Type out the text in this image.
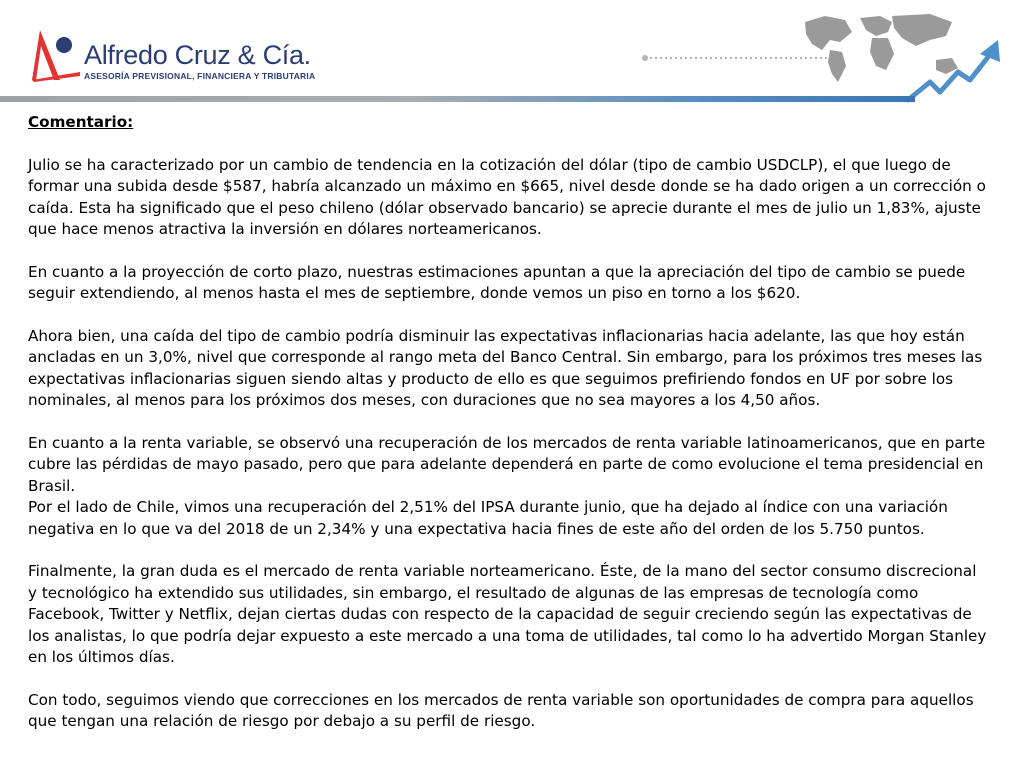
Alfredo Cruz & Cía.
ASESORÍA PREVISIONAL, FINANCIERA Y TRIBUTARIA

Comentario:

Julio se ha caracterizado por un cambio de tendencia en la cotización del dólar (tipo de cambio USDCLP), el que luego de formar una subida desde $587, habría alcanzado un máximo en $665, nivel desde donde se ha dado origen a un corrección o caída. Esta ha significado que el peso chileno (dólar observado bancario) se aprecie durante el mes de julio un 1,83%, ajuste que hace menos atractiva la inversión en dólares norteamericanos.

En cuanto a la proyección de corto plazo, nuestras estimaciones apuntan a que la apreciación del tipo de cambio se puede seguir extendiendo, al menos hasta el mes de septiembre, donde vemos un piso en torno a los $620.

Ahora bien, una caída del tipo de cambio podría disminuir las expectativas inflacionarias hacia adelante, las que hoy están ancladas en un 3,0%, nivel que corresponde al rango meta del Banco Central. Sin embargo, para los próximos tres meses las expectativas inflacionarias siguen siendo altas y producto de ello es que seguimos prefiriendo fondos en UF por sobre los nominales, al menos para los próximos dos meses, con duraciones que no sea mayores a los 4,50 años.

En cuanto a la renta variable, se observó una recuperación de los mercados de renta variable latinoamericanos, que en parte cubre las pérdidas de mayo pasado, pero que para adelante dependerá en parte de como evolucione el tema presidencial en Brasil.

Por el lado de Chile, vimos una recuperación del 2,51% del IPSA durante junio, que ha dejado al índice con una variación negativa en lo que va del 2018 de un 2,34% y una expectativa hacia fines de este año del orden de los 5.750 puntos.

Finalmente, la gran duda es el mercado de renta variable norteamericano. Éste, de la mano del sector consumo discrecional y tecnológico ha extendido sus utilidades, sin embargo, el resultado de algunas de las empresas de tecnología como Facebook, Twitter y Netflix, dejan ciertas dudas con respecto de la capacidad de seguir creciendo según las expectativas de los analistas, lo que podría dejar expuesto a este mercado a una toma de utilidades, tal como lo ha advertido Morgan Stanley en los últimos días.

Con todo, seguimos viendo que correcciones en los mercados de renta variable son oportunidades de compra para aquellos que tengan una relación de riesgo por debajo a su perfil de riesgo.
